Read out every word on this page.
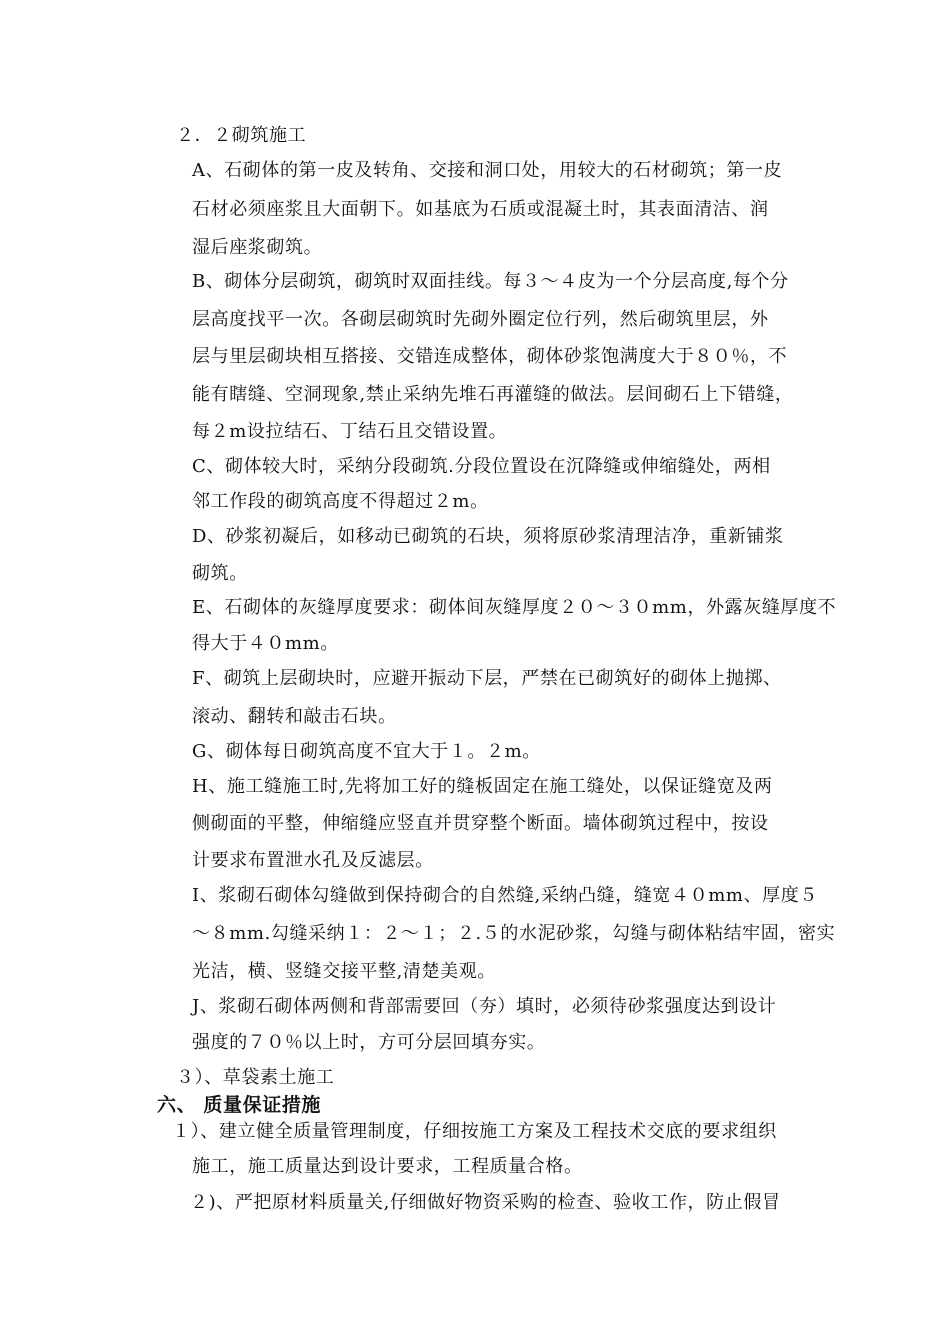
２．２砌筑施工
A、石砌体的第一皮及转角、交接和洞口处，用较大的石材砌筑；第一皮
石材必须座浆且大面朝下。如基底为石质或混凝土时，其表面清洁、润
湿后座浆砌筑。
B、砌体分层砌筑，砌筑时双面挂线。每３～４皮为一个分层高度,每个分
层高度找平一次。各砌层砌筑时先砌外圈定位行列，然后砌筑里层，外
层与里层砌块相互搭接、交错连成整体，砌体砂浆饱满度大于８０％，不
能有瞎缝、空洞现象,禁止采纳先堆石再灌缝的做法。层间砌石上下错缝，
每２m设拉结石、丁结石且交错设置。
C、砌体较大时，采纳分段砌筑.分段位置设在沉降缝或伸缩缝处，两相
邻工作段的砌筑高度不得超过２m。
D、砂浆初凝后，如移动已砌筑的石块，须将原砂浆清理洁净，重新铺浆
砌筑。
E、石砌体的灰缝厚度要求：砌体间灰缝厚度２０～３０mm，外露灰缝厚度不
得大于４０mm。
F、砌筑上层砌块时，应避开振动下层，严禁在已砌筑好的砌体上抛掷、
滚动、翻转和敲击石块。
G、砌体每日砌筑高度不宜大于１。２m。
H、施工缝施工时,先将加工好的缝板固定在施工缝处，以保证缝宽及两
侧砌面的平整，伸缩缝应竖直并贯穿整个断面。墙体砌筑过程中，按设
计要求布置泄水孔及反滤层。
I、浆砌石砌体勾缝做到保持砌合的自然缝,采纳凸缝，缝宽４０mm、厚度５
～８mm.勾缝采纳１：２～１；２.５的水泥砂浆，勾缝与砌体粘结牢固，密实
光洁，横、竖缝交接平整,清楚美观。
J、浆砌石砌体两侧和背部需要回（夯）填时，必须待砂浆强度达到设计
强度的７０％以上时，方可分层回填夯实。
３）、草袋素土施工
六、 质量保证措施
１）、建立健全质量管理制度，仔细按施工方案及工程技术交底的要求组织
施工，施工质量达到设计要求，工程质量合格。
２)、严把原材料质量关,仔细做好物资采购的检查、验收工作，防止假冒
